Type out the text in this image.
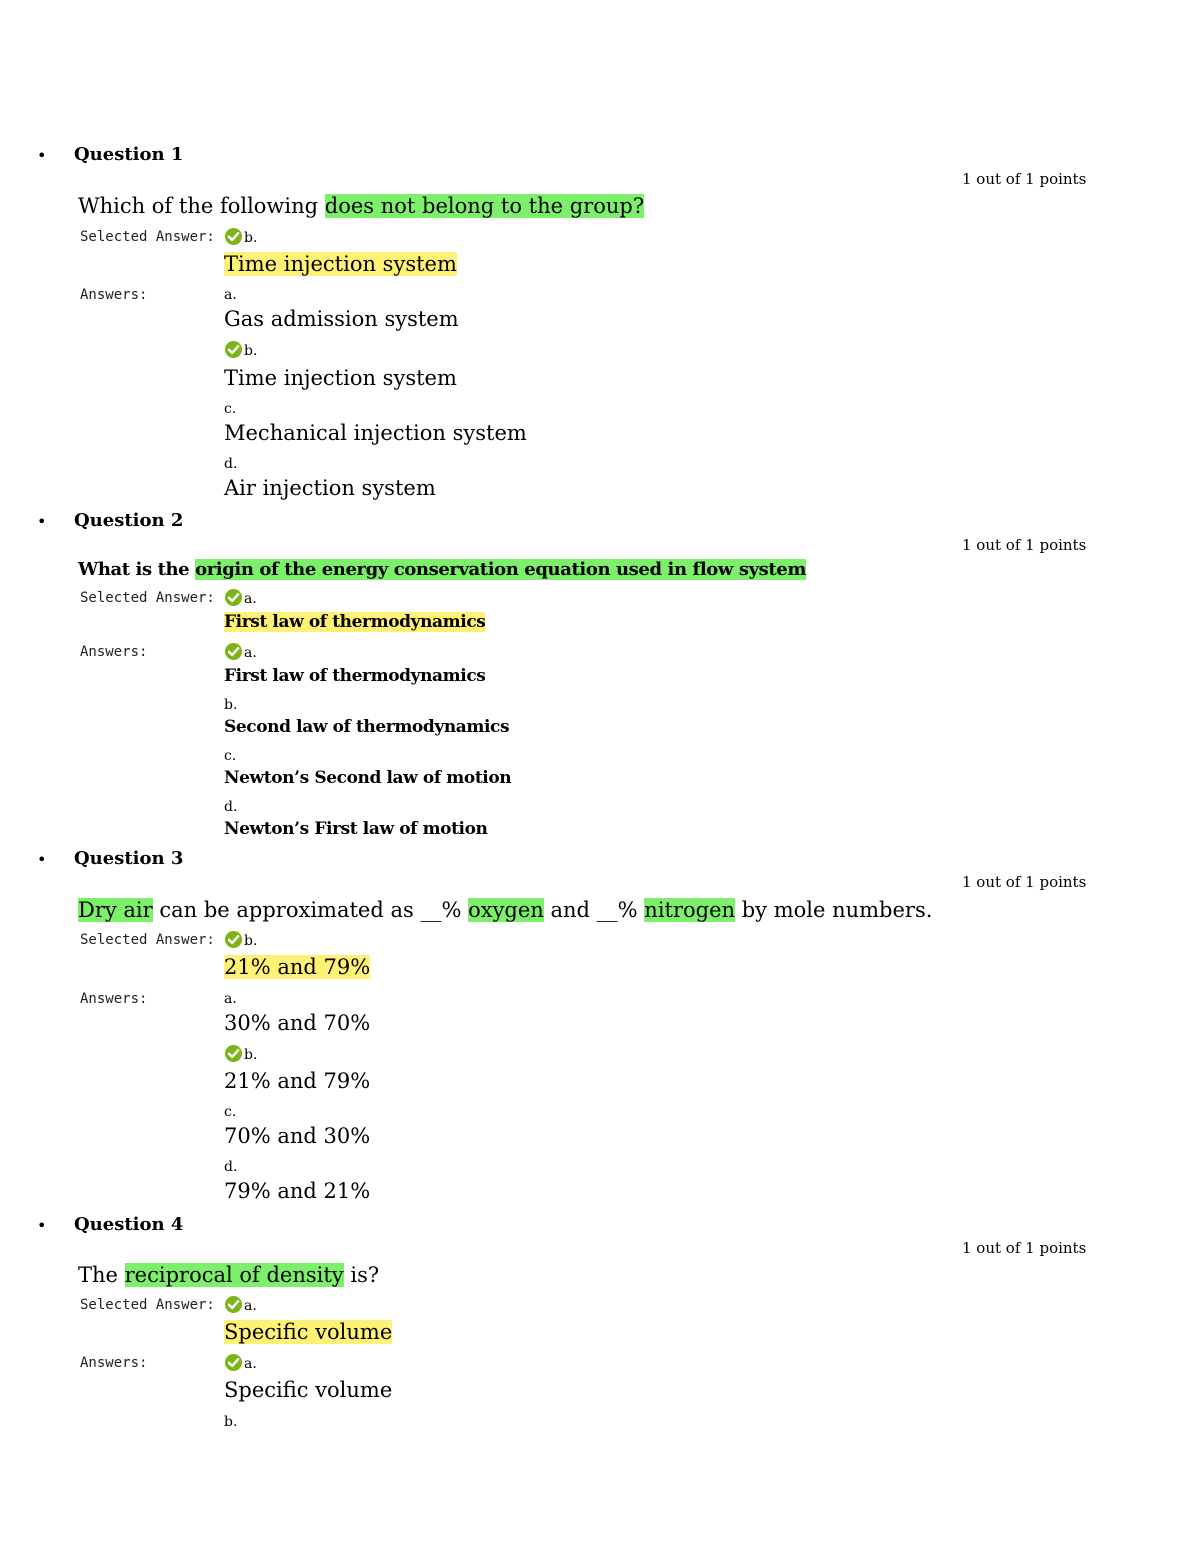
• Question 1
1 out of 1 points
Which of the following does not belong to the group?
Selected Answer:	b.
Time injection system
Answers:	a.
Gas admission system
b.
Time injection system
c.
Mechanical injection system
d.
Air injection system
• Question 2
1 out of 1 points
What is the origin of the energy conservation equation used in flow system
Selected Answer:	a.
First law of thermodynamics
Answers:	a.
First law of thermodynamics
b.
Second law of thermodynamics
c.
Newton’s Second law of motion
d.
Newton’s First law of motion
• Question 3
1 out of 1 points
Dry air can be approximated as __% oxygen and __% nitrogen by mole numbers.
Selected Answer:	b.
21% and 79%
Answers:	a.
30% and 70%
b.
21% and 79%
c.
70% and 30%
d.
79% and 21%
• Question 4
1 out of 1 points
The reciprocal of density is?
Selected Answer:	a.
Specific volume
Answers:	a.
Specific volume
b.
